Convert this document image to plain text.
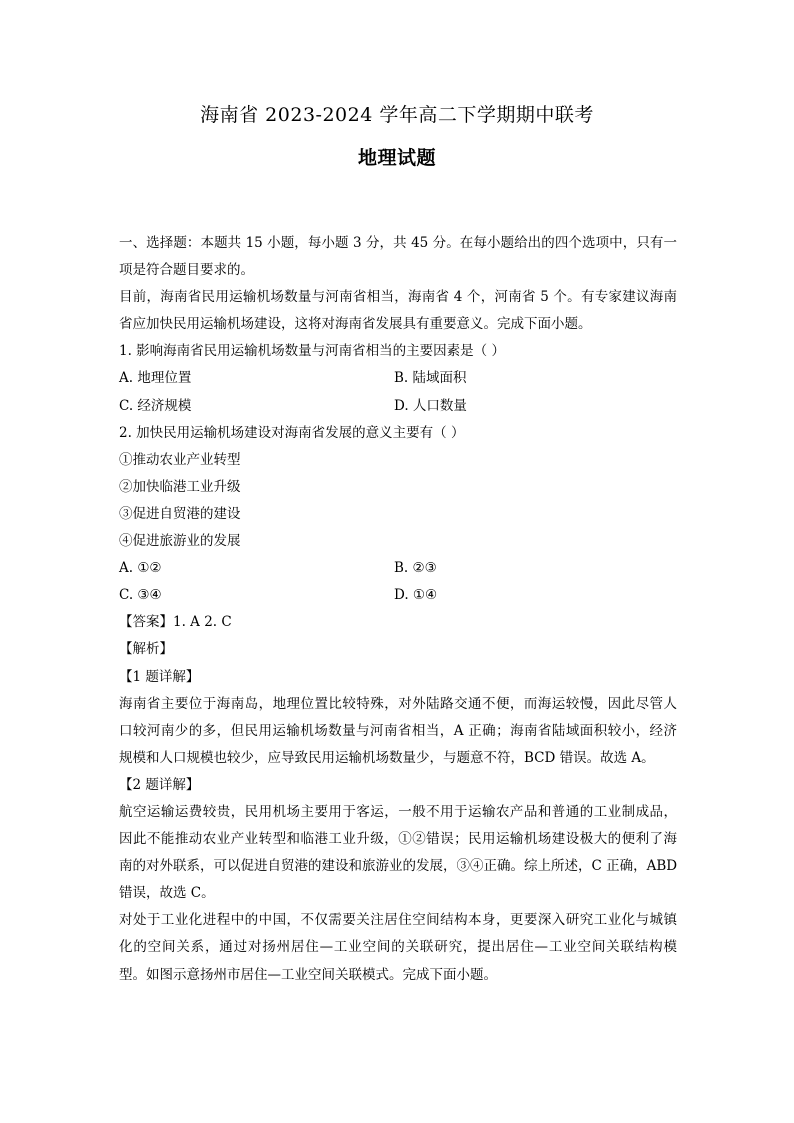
海南省 2023-2024 学年高二下学期期中联考
地理试题
一、选择题：本题共 15 小题，每小题 3 分，共 45 分。在每小题给出的四个选项中，只有一
项是符合题目要求的。
目前，海南省民用运输机场数量与河南省相当，海南省 4 个，河南省 5 个。有专家建议海南
省应加快民用运输机场建设，这将对海南省发展具有重要意义。完成下面小题。
1. 影响海南省民用运输机场数量与河南省相当的主要因素是（ ）
A. 地理位置	B. 陆域面积
C. 经济规模	D. 人口数量
2. 加快民用运输机场建设对海南省发展的意义主要有（ ）
①推动农业产业转型
②加快临港工业升级
③促进自贸港的建设
④促进旅游业的发展
A. ①②	B. ②③
C. ③④	D. ①④
【答案】1. A 2. C
【解析】
【1 题详解】
海南省主要位于海南岛，地理位置比较特殊，对外陆路交通不便，而海运较慢，因此尽管人
口较河南少的多，但民用运输机场数量与河南省相当，A 正确；海南省陆域面积较小，经济
规模和人口规模也较少，应导致民用运输机场数量少，与题意不符，BCD 错误。故选 A。
【2 题详解】
航空运输运费较贵，民用机场主要用于客运，一般不用于运输农产品和普通的工业制成品，
因此不能推动农业产业转型和临港工业升级，①②错误；民用运输机场建设极大的便利了海
南的对外联系，可以促进自贸港的建设和旅游业的发展，③④正确。综上所述，C 正确，ABD
错误，故选 C。
对处于工业化进程中的中国，不仅需要关注居住空间结构本身，更要深入研究工业化与城镇
化的空间关系，通过对扬州居住—工业空间的关联研究，提出居住—工业空间关联结构模
型。如图示意扬州市居住—工业空间关联模式。完成下面小题。
